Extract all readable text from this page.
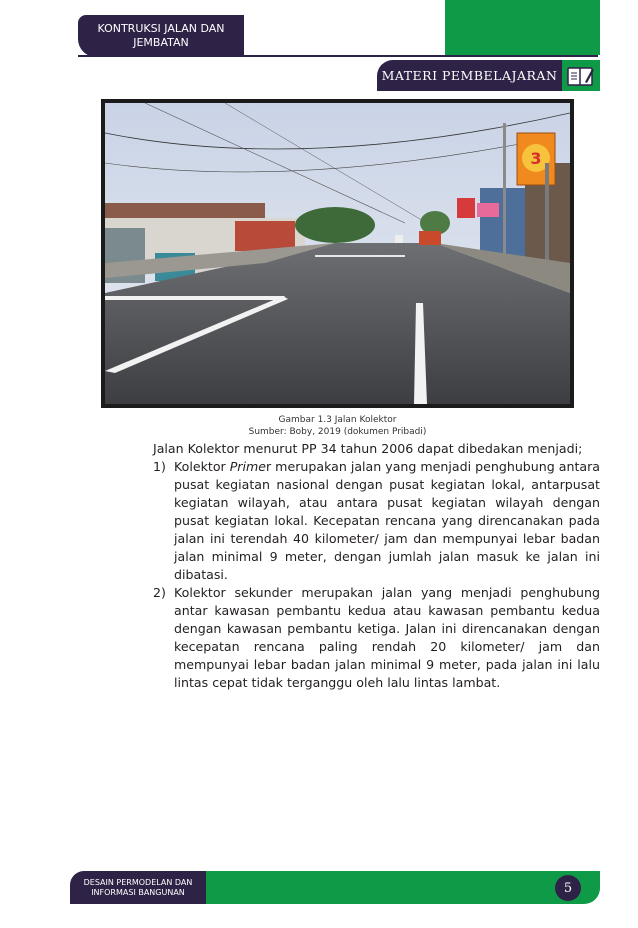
KONTRUKSI JALAN DAN
JEMBATAN
MATERI PEMBELAJARAN
3
Gambar 1.3 Jalan Kolektor
Sumber: Boby, 2019 (dokumen Pribadi)

Jalan Kolektor menurut PP 34 tahun 2006 dapat dibedakan menjadi;

1) Kolektor Primer merupakan jalan yang menjadi penghubung antara pusat kegiatan nasional dengan pusat kegiatan lokal, antarpusat kegiatan wilayah, atau antara pusat kegiatan wilayah dengan pusat kegiatan lokal. Kecepatan rencana yang direncanakan pada jalan ini terendah 40 kilometer/ jam dan mempunyai lebar badan jalan minimal 9 meter, dengan jumlah jalan masuk ke jalan ini dibatasi.
2) Kolektor sekunder merupakan jalan yang menjadi penghubung antar kawasan pembantu kedua atau kawasan pembantu kedua dengan kawasan pembantu ketiga. Jalan ini direncanakan dengan kecepatan rencana paling rendah 20 kilometer/ jam dan mempunyai lebar badan jalan minimal 9 meter, pada jalan ini lalu lintas cepat tidak terganggu oleh lalu lintas lambat.
DESAIN PERMODELAN DAN
INFORMASI BANGUNAN	5
